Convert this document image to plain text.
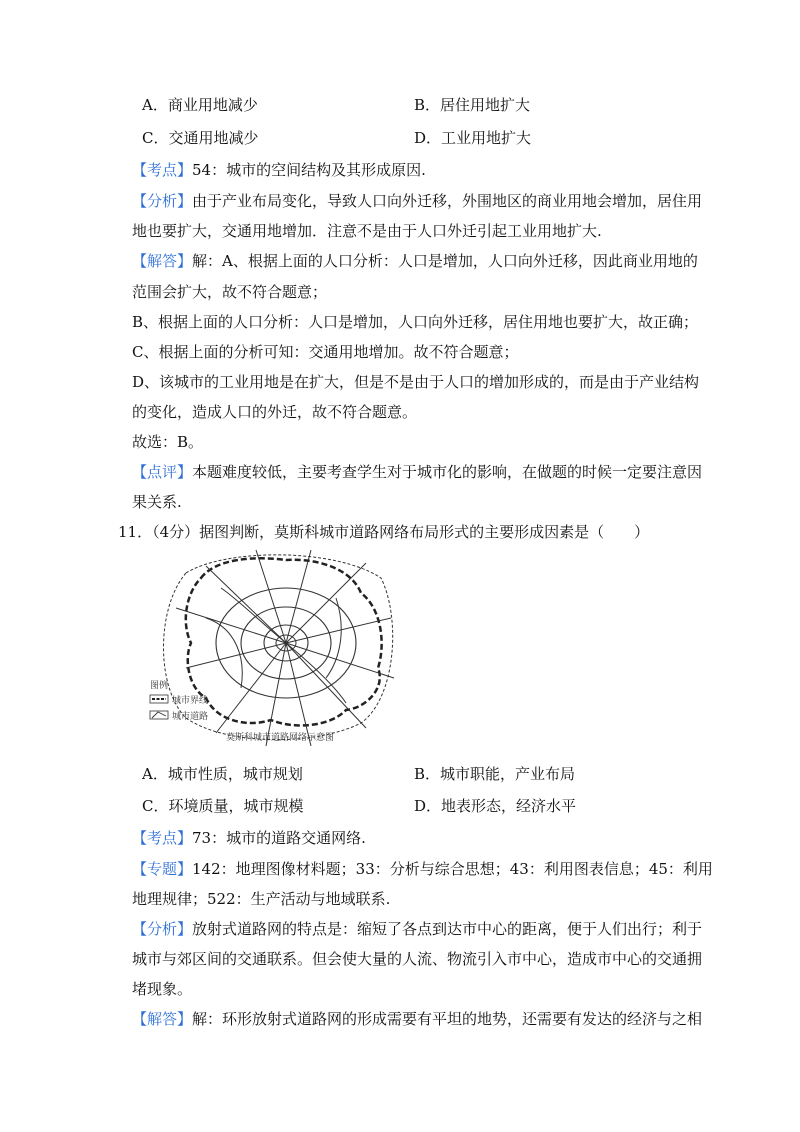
A．商业用地减少	B．居住用地扩大
C．交通用地减少	D．工业用地扩大
【考点】54：城市的空间结构及其形成原因.
【分析】由于产业布局变化，导致人口向外迁移，外围地区的商业用地会增加，居住用
地也要扩大，交通用地增加．注意不是由于人口外迁引起工业用地扩大.
【解答】解：A、根据上面的人口分析：人口是增加，人口向外迁移，因此商业用地的
范围会扩大，故不符合题意；
B、根据上面的人口分析：人口是增加，人口向外迁移，居住用地也要扩大，故正确；
C、根据上面的分析可知：交通用地增加。故不符合题意；
D、该城市的工业用地是在扩大，但是不是由于人口的增加形成的，而是由于产业结构
的变化，造成人口的外迁，故不符合题意。
故选：B。
【点评】本题难度较低，主要考查学生对于城市化的影响，在做题的时候一定要注意因
果关系.
11．（4分）据图判断，莫斯科城市道路网络布局形式的主要形成因素是（　　）
图例
城市界线
城市道路
莫斯科城市道路网络示意图
A．城市性质，城市规划	B．城市职能，产业布局
C．环境质量，城市规模	D．地表形态，经济水平
【考点】73：城市的道路交通网络.
【专题】142：地理图像材料题；33：分析与综合思想；43：利用图表信息；45：利用
地理规律；522：生产活动与地域联系.
【分析】放射式道路网的特点是：缩短了各点到达市中心的距离，便于人们出行；利于
城市与郊区间的交通联系。但会使大量的人流、物流引入市中心，造成市中心的交通拥
堵现象。
【解答】解：环形放射式道路网的形成需要有平坦的地势，还需要有发达的经济与之相
